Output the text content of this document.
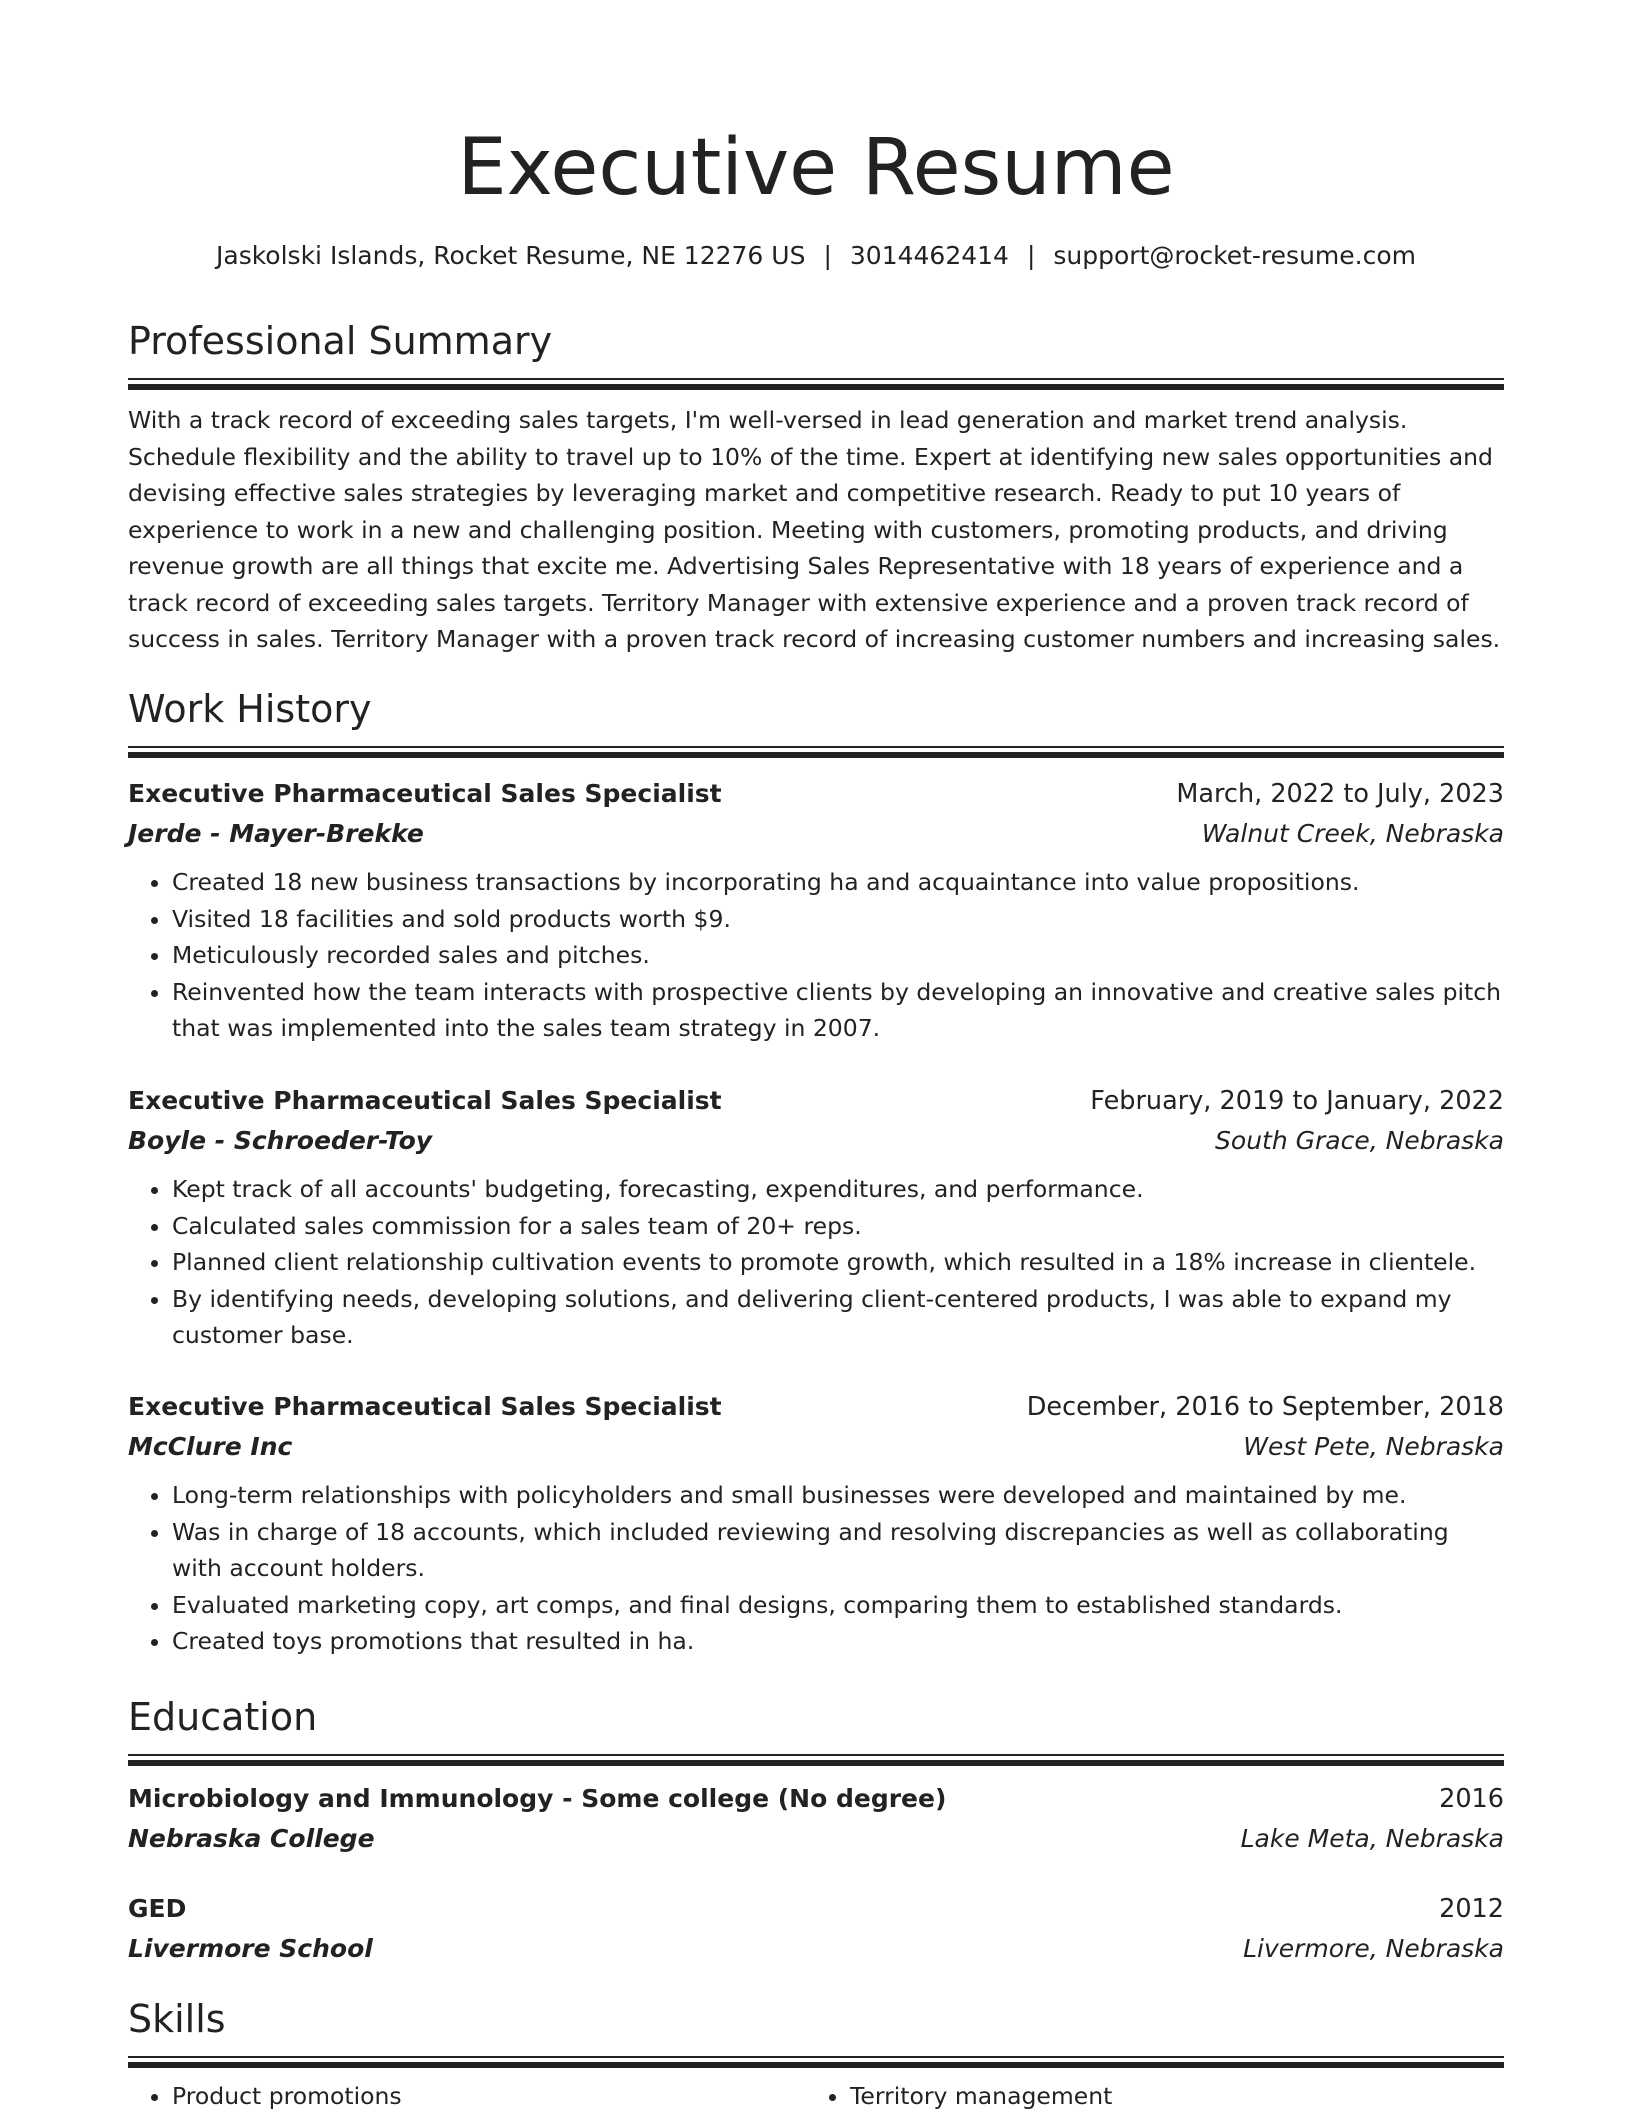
Executive Resume
Jaskolski Islands, Rocket Resume, NE 12276 US | 3014462414 | support@rocket-resume.com
Professional Summary
With a track record of exceeding sales targets, I'm well-versed in lead generation and market trend analysis. Schedule flexibility and the ability to travel up to 10% of the time. Expert at identifying new sales opportunities and devising effective sales strategies by leveraging market and competitive research. Ready to put 10 years of experience to work in a new and challenging position. Meeting with customers, promoting products, and driving revenue growth are all things that excite me. Advertising Sales Representative with 18 years of experience and a track record of exceeding sales targets. Territory Manager with extensive experience and a proven track record of success in sales. Territory Manager with a proven track record of increasing customer numbers and increasing sales.
Work History
Executive Pharmaceutical Sales Specialist	March, 2022 to July, 2023
Jerde - Mayer-Brekke	Walnut Creek, Nebraska
• Created 18 new business transactions by incorporating ha and acquaintance into value propositions.
• Visited 18 facilities and sold products worth $9.
• Meticulously recorded sales and pitches.
• Reinvented how the team interacts with prospective clients by developing an innovative and creative sales pitch that was implemented into the sales team strategy in 2007.
Executive Pharmaceutical Sales Specialist	February, 2019 to January, 2022
Boyle - Schroeder-Toy	South Grace, Nebraska
• Kept track of all accounts' budgeting, forecasting, expenditures, and performance.
• Calculated sales commission for a sales team of 20+ reps.
• Planned client relationship cultivation events to promote growth, which resulted in a 18% increase in clientele.
• By identifying needs, developing solutions, and delivering client-centered products, I was able to expand my customer base.
Executive Pharmaceutical Sales Specialist	December, 2016 to September, 2018
McClure Inc	West Pete, Nebraska
• Long-term relationships with policyholders and small businesses were developed and maintained by me.
• Was in charge of 18 accounts, which included reviewing and resolving discrepancies as well as collaborating with account holders.
• Evaluated marketing copy, art comps, and final designs, comparing them to established standards.
• Created toys promotions that resulted in ha.
Education
Microbiology and Immunology - Some college (No degree)	2016
Nebraska College	Lake Meta, Nebraska
GED	2012
Livermore School	Livermore, Nebraska
Skills
• Product promotions
•	Territory management
